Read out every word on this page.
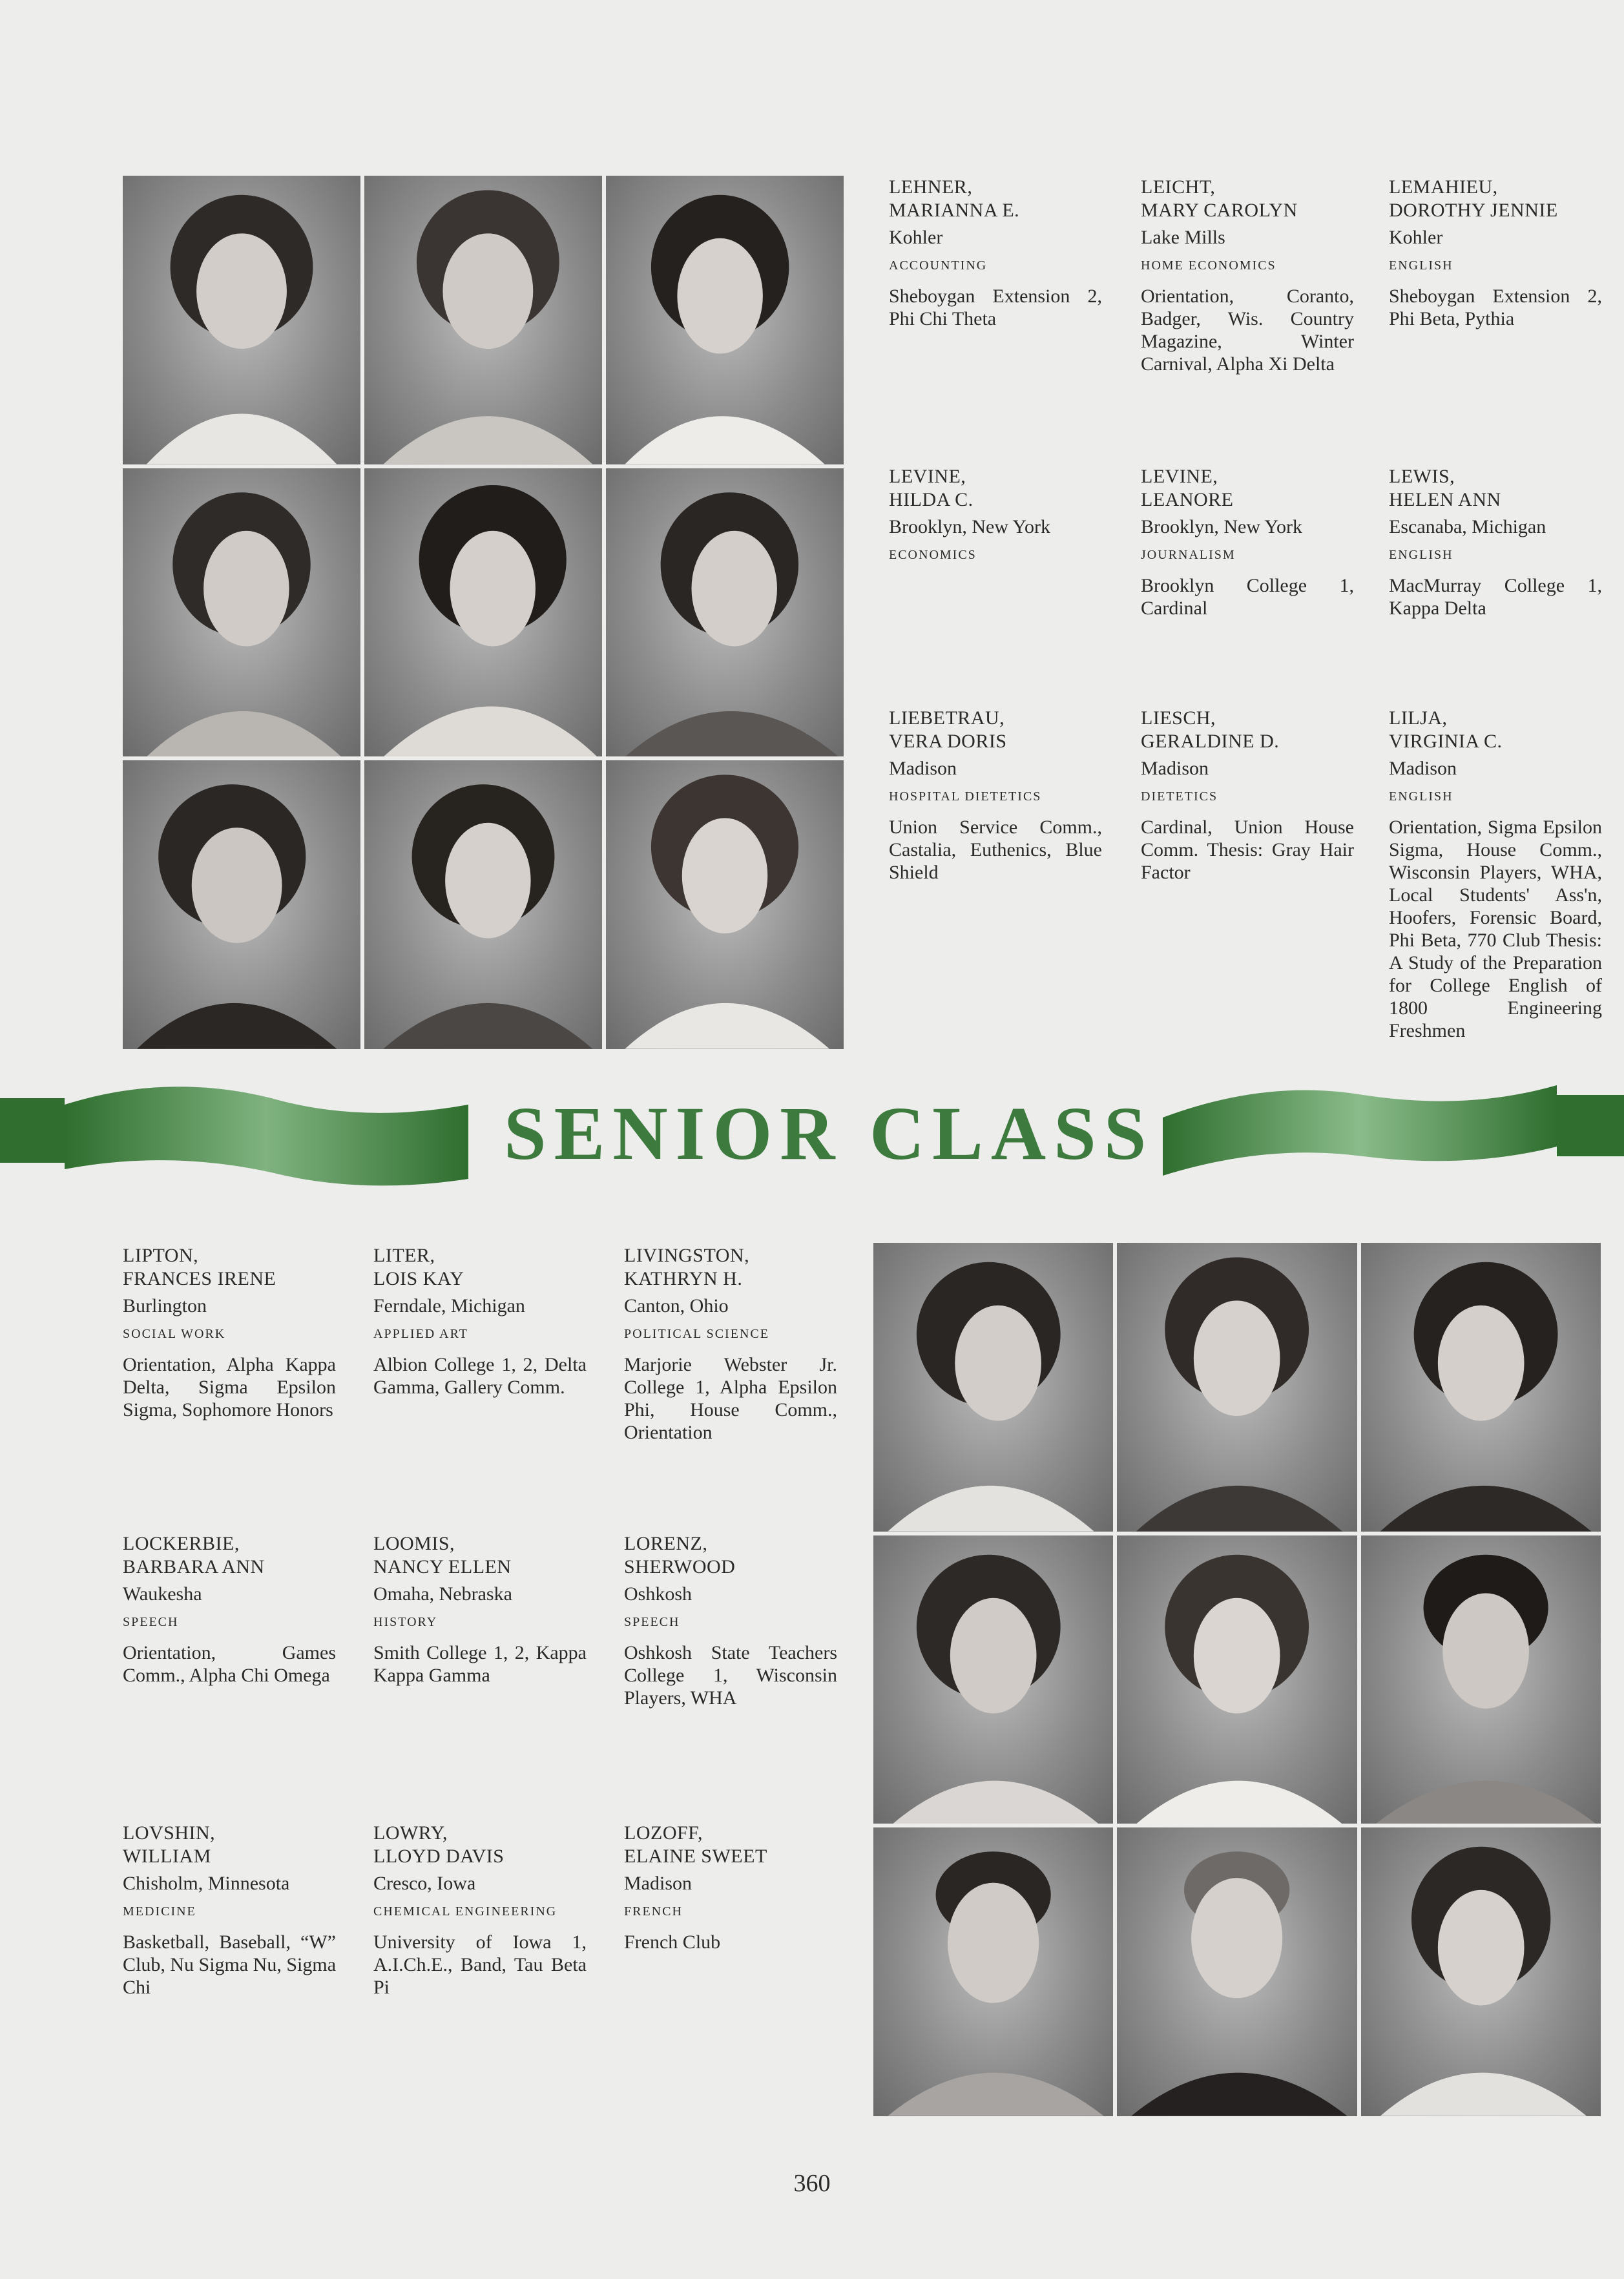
LEHNER,
MARIANNA E.
Kohler
ACCOUNTING
Sheboygan Extension 2, Phi Chi Theta
LEICHT,
MARY CAROLYN
Lake Mills
HOME ECONOMICS
Orientation, Coranto, Badger, Wis. Country Magazine, Winter Carnival, Alpha Xi Delta
LEMAHIEU,
DOROTHY JENNIE
Kohler
ENGLISH
Sheboygan Extension 2, Phi Beta, Pythia
LEVINE,
HILDA C.
Brooklyn, New York
ECONOMICS
LEVINE,
LEANORE
Brooklyn, New York
JOURNALISM
Brooklyn College 1, Cardinal
LEWIS,
HELEN ANN
Escanaba, Michigan
ENGLISH
MacMurray College 1, Kappa Delta
LIEBETRAU,
VERA DORIS
Madison
HOSPITAL DIETETICS
Union Service Comm., Castalia, Euthenics, Blue Shield
LIESCH,
GERALDINE D.
Madison
DIETETICS
Cardinal, Union House Comm. Thesis: Gray Hair Factor
LILJA,
VIRGINIA C.
Madison
ENGLISH
Orientation, Sigma Epsilon Sigma, House Comm., Wisconsin Players, WHA, Local Students' Ass'n, Hoofers, Forensic Board, Phi Beta, 770 Club Thesis: A Study of the Preparation for College English of 1800 Engineering Freshmen
SENIOR CLASS
LIPTON,
FRANCES IRENE
Burlington
SOCIAL WORK
Orientation, Alpha Kappa Delta, Sigma Epsilon Sigma, Sophomore Honors
LITER,
LOIS KAY
Ferndale, Michigan
APPLIED ART
Albion College 1, 2, Delta Gamma, Gallery Comm.
LIVINGSTON,
KATHRYN H.
Canton, Ohio
POLITICAL SCIENCE
Marjorie Webster Jr. College 1, Alpha Epsilon Phi, House Comm., Orientation
LOCKERBIE,
BARBARA ANN
Waukesha
SPEECH
Orientation, Games Comm., Alpha Chi Omega
LOOMIS,
NANCY ELLEN
Omaha, Nebraska
HISTORY
Smith College 1, 2, Kappa Kappa Gamma
LORENZ,
SHERWOOD
Oshkosh
SPEECH
Oshkosh State Teachers College 1, Wisconsin Players, WHA
LOVSHIN,
WILLIAM
Chisholm, Minnesota
MEDICINE
Basketball, Baseball, “W” Club, Nu Sigma Nu, Sigma Chi
LOWRY,
LLOYD DAVIS
Cresco, Iowa
CHEMICAL ENGINEERING
University of Iowa 1, A.I.Ch.E., Band, Tau Beta Pi
LOZOFF,
ELAINE SWEET
Madison
FRENCH
French Club
360
